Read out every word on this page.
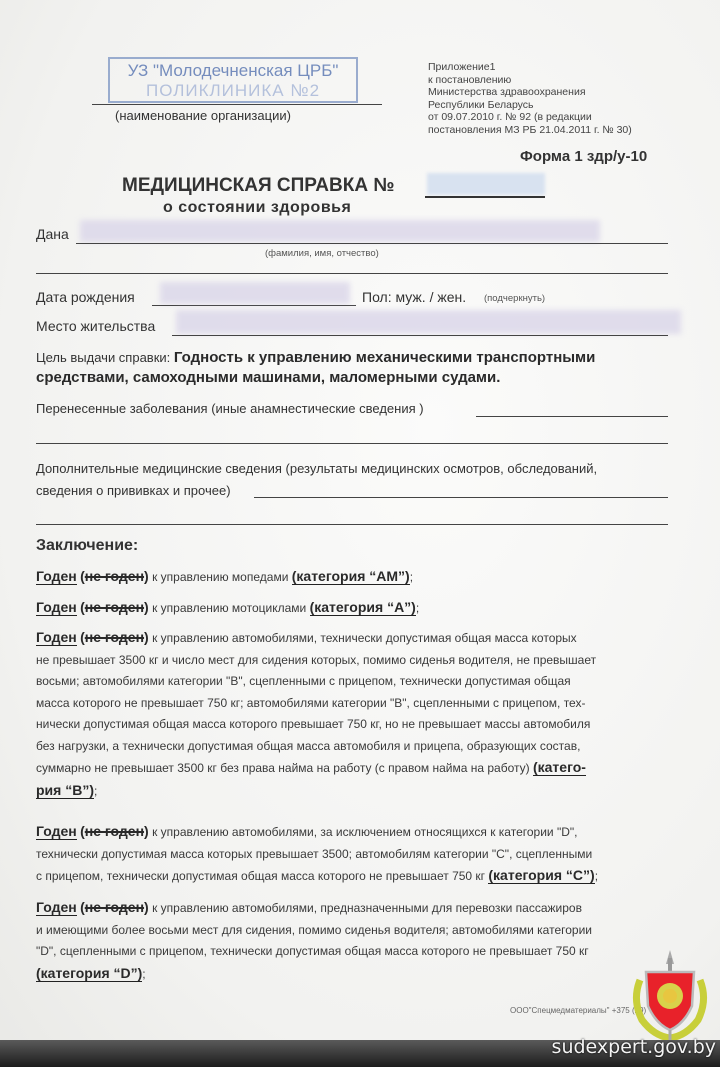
УЗ "Молодечненская ЦРБ"
ПОЛИКЛИНИКА №2
(наименование организации)
Приложение1
к постановлению
Министерства здравоохранения
Республики Беларусь
от 09.07.2010 г. № 92 (в редакции
постановления МЗ РБ 21.04.2011 г. № 30)
Форма 1 здр/у-10
МЕДИЦИНСКАЯ СПРАВКА №
о состоянии здоровья
Дана
(фамилия, имя, отчество)
Дата рождения	Пол: муж. / жен. (подчеркнуть)
Место жительства
Цель выдачи справки: Годность к управлению механическими транспортными средствами, самоходными машинами, маломерными судами.
Перенесенные заболевания (иные анамнестические сведения )
Дополнительные медицинские сведения (результаты медицинских осмотров, обследований,
сведения о прививках и прочее)
Заключение:
Годен (не годен) к управлению мопедами (категория “АМ”);
Годен (не годен) к управлению мотоциклами (категория “А”);
Годен (не годен) к управлению автомобилями, технически допустимая общая масса которых
не превышает 3500 кг и число мест для сидения которых, помимо сиденья водителя, не превышает
восьми; автомобилями категории "В", сцепленными с прицепом, технически допустимая общая
масса которого не превышает 750 кг; автомобилями категории "В", сцепленными с прицепом, тех-
нически допустимая общая масса которого превышает 750 кг, но не превышает массы автомобиля
без нагрузки, а технически допустимая общая масса автомобиля и прицепа, образующих состав,
суммарно не превышает 3500 кг без права найма на работу (с правом найма на работу) (катего-
рия “В”);
Годен (не годен) к управлению автомобилями, за исключением относящихся к категории "D",
технически допустимая масса которых превышает 3500; автомобилям категории "С", сцепленными
с прицепом, технически допустимая общая масса которого не превышает 750 кг (категория “С”);
Годен (не годен) к управлению автомобилями, предназначенными для перевозки пассажиров
и имеющими более восьми мест для сидения, помимо сиденья водителя; автомобилями категории
"D", сцепленными с прицепом, технически допустимая общая масса которого не превышает 750 кг
(категория “D”);
ООО"Спецмедматериалы" +375 (29)
sudexpert.gov.by
